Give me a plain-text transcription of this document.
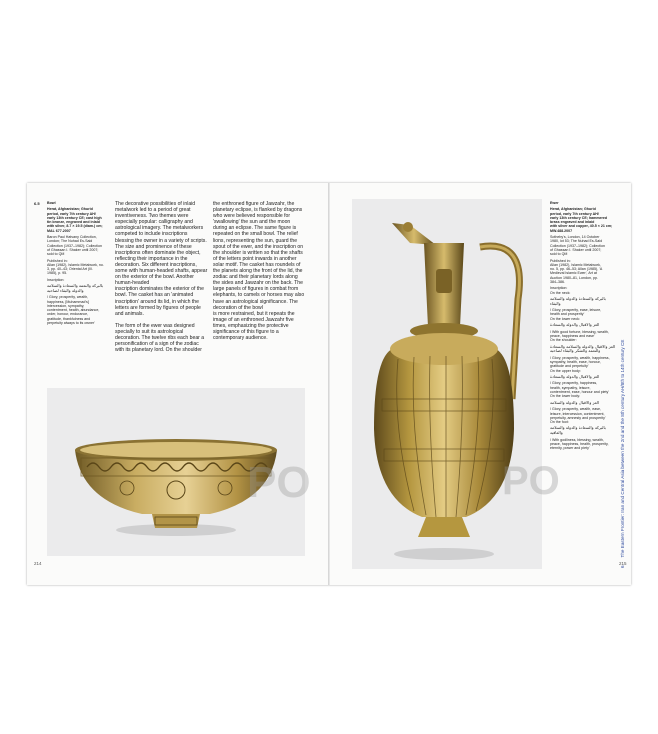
6.5 Bowl

Herat, Afghanistan; Ghurid
period, early 7th century AH/
early 13th century CE; cast high
tin bronze, engraved and inlaid
with silver, 8.7 × 19.5 (diam.) cm;
MAL 677.2007

Baron Paul Hatvany Collection,
London; The Nuhad Es-Said
Collection (1937–1982); Collection
of Ghassan I. Shaker until 2007;
sold to QM

Published in:
Allan (1982), Islamic Metalwork, no.
3, pp. 40–43; Oriental Art (Ill.
1985), p. 95.

Inscription:

بالبركة والنعمة والسعادة والسلامة
والدولة والبقاء لصاحبه

/ Glory, prosperity, wealth,
happiness, [Muhammad's]
intercession, sympathy,
contentment, health, abundance,
order, honour, endurance,
gratitude, thankfulness and
perpetuity always to its owner'

The decorative possibilities of inlaid
metalwork led to a period of great
inventiveness. Two themes were
especially popular: calligraphy and
astrological imagery. The metalworkers
competed to include inscriptions
blessing the owner in a variety of scripts.
The size and prominence of these
inscriptions often dominate the object,
reflecting their importance in the
decoration. Six different inscriptions,
some with human-headed shafts, appear
on the exterior of the bowl. Another human-headed
inscription dominates the exterior of the
bowl. The casket has an 'animated
inscription' around its lid, in which the
letters are formed by figures of people
and animals.

The form of the ewer was designed
specially to suit its astrological
decoration. The twelve ribs each bear a
personification of a sign of the zodiac
with its planetary lord. On the shoulder

the enthroned figure of Jawzahr, the
planetary eclipse, is flanked by dragons
who were believed responsible for
'swallowing' the sun and the moon
during an eclipse. The same figure is
repeated on the small bowl. The relief
lions, representing the sun, guard the
spout of the ewer, and the inscription on
the shoulder is written so that the shafts
of the letters point inwards in another
solar motif. The casket has roundels of
the planets along the front of the lid, the
zodiac and their planetary lords along
the sides and Jawzahr on the back. The
large panels of figures in combat from
elephants, to camels or horses may also
have an astrological significance. The
decoration of the bowl
is more restrained, but it repeats the
image of an enthroned Jawzahr five
times, emphasizing the protective
significance of this figure to a
contemporary audience.

PO
214
PO

Ewer

Herat, Afghanistan; Ghurid
period, early 7th century AH/
early 13th century CE; hammered
brass engraved and inlaid
with silver and copper, 40.5 × 21 cm;
MW.488.2007

Sotheby's, London, 14 October
1980, lot 53; The Nuhad Es-Said
Collection (1937–1982); Collection
of Ghassan I. Shaker until 2007;
sold to QM

Published in:
Allan (1982), Islamic Metalwork,
no. 5, pp. 46–53; Allan (1985), 'A
Medieval Islamic Ewer', Art at
Auction 1980–81, London, pp.
384–386.

Inscription:
On the neck:

بالبركة والسعادة والدولة والسلامة
والبقاء

/ Glory, prosperity, ease, leisure,
health and prosperity'
On the lower neck:

العز والاقبال والدولة والسعادة

/ With good fortune, blessing, wealth,
peace, happiness and ease'
On the shoulder:

العز والاقبال والدولة والسلامة والسعادة
والنعمة والشكر والبقاء لصاحبه

/ Glory, prosperity, wealth, happiness,
sympathy, health, ease, honour,
gratitude and perpetuity'
On the upper body:

العز والاقبال والدولة والسعادة

/ Glory, prosperity, happiness,
health, sympathy, leisure,
contentment, ease, honour and piety'
On the lower body:

العز والاقبال والدولة والسلامة

/ Glory, prosperity, wealth, ease,
leisure, intercession, contentment,
perpetuity, amnesty and prosperity'
On the foot:

بالبركة والسعادة والدولة والسلامة والعافية

/ With godliness, blessing, wealth,
peace, happiness, health, prosperity,
eternity, power and piety'

6The Eastern Frontier: Iran and Central Asia between the 2nd and the 8th century AH/8th to 14th century CE
215
